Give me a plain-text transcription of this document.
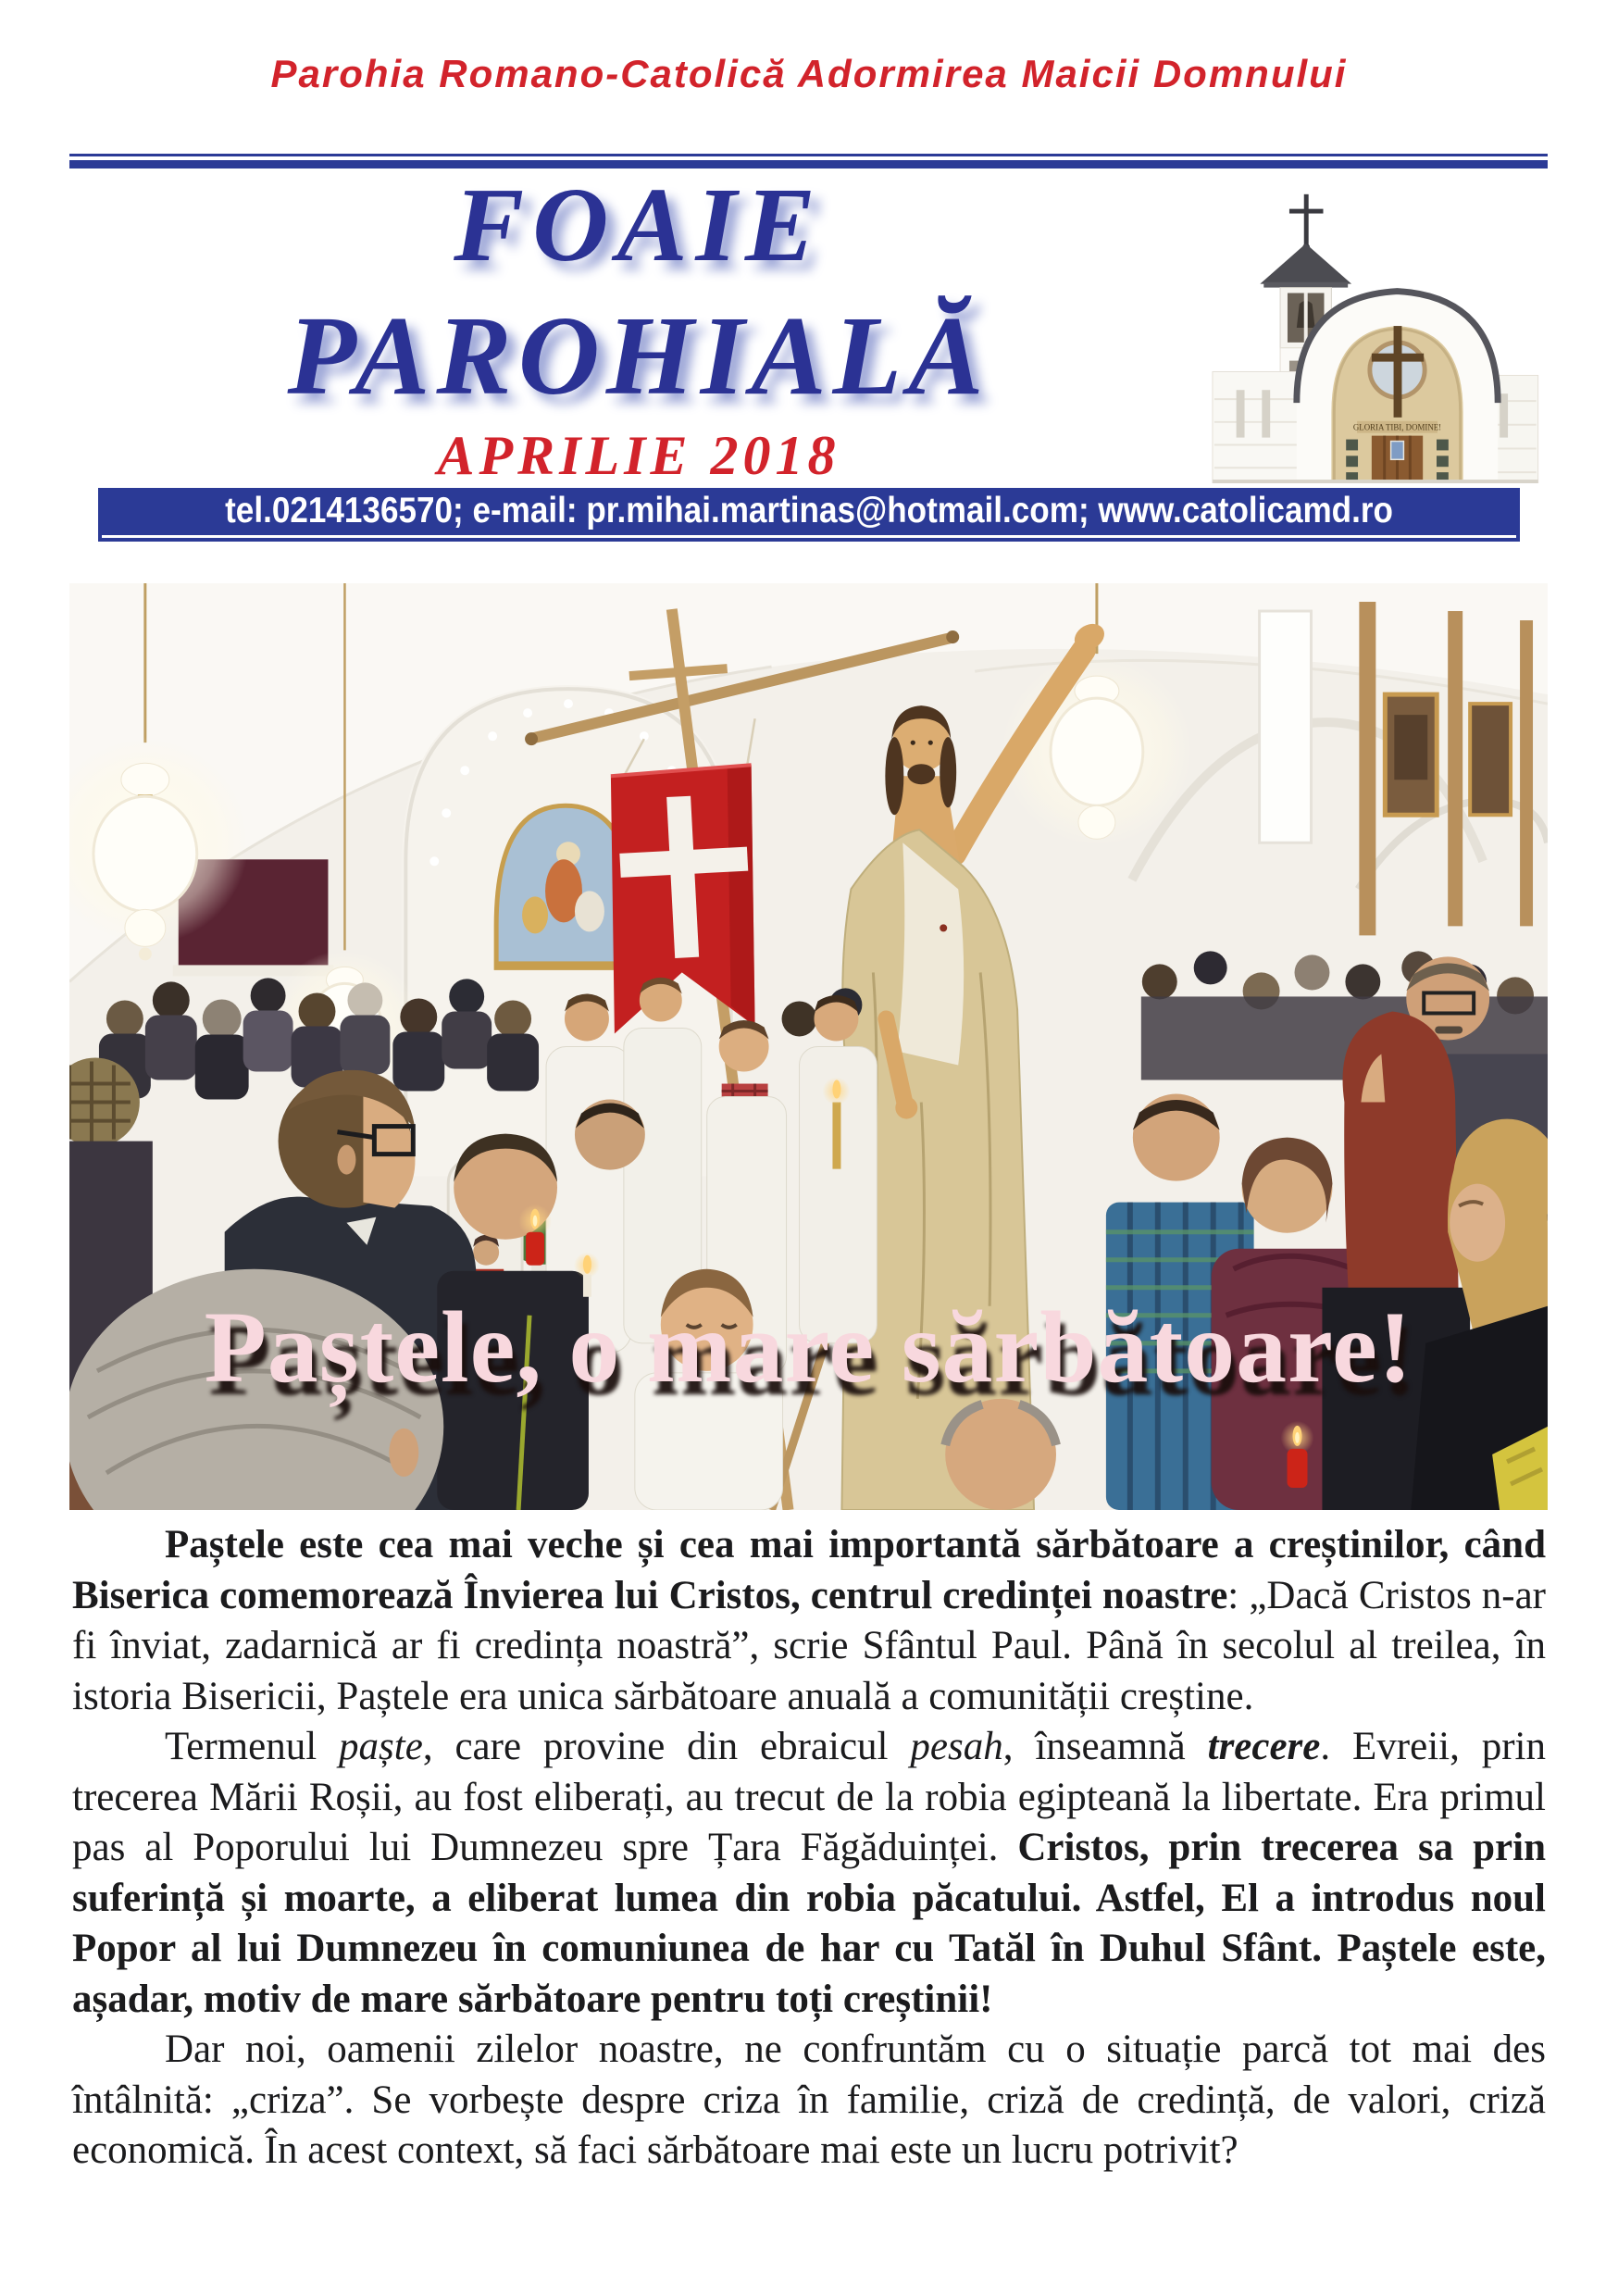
Parohia Romano-Catolică Adormirea Maicii Domnului
FOAIE
PAROHIALĂ
APRILIE 2018	GLORIA TIBI, DOMINE!
tel.0214136570; e-mail: pr.mihai.martinas@hotmail.com; www.catolicamd.ro
Paștele, o mare sărbătoare!

Paștele este cea mai veche și cea mai importantă sărbătoare a creștinilor, când Biserica comemorează Învierea lui Cristos, centrul credinței noastre: „Dacă Cristos n-ar fi înviat, zadarnică ar fi credința noastră”, scrie Sfântul Paul. Până în secolul al treilea, în istoria Bisericii, Paștele era unica sărbătoare anuală a comunității creștine.

Termenul paște, care provine din ebraicul pesah, înseamnă trecere. Evreii, prin trecerea Mării Roșii, au fost eliberați, au trecut de la robia egipteană la libertate. Era primul pas al Poporului lui Dumnezeu spre Țara Făgăduinței. Cristos, prin trecerea sa prin suferință și moarte, a eliberat lumea din robia păcatului. Astfel, El a introdus noul Popor al lui Dumnezeu în comuniunea de har cu Tatăl în Duhul Sfânt. Paștele este, așadar, motiv de mare sărbătoare pentru toți creștinii!

Dar noi, oamenii zilelor noastre, ne confruntăm cu o situație parcă tot mai des întâlnită: „criza”. Se vorbește despre criza în familie, criză de credință, de valori, criză economică. În acest context, să faci sărbătoare mai este un lucru potrivit?
